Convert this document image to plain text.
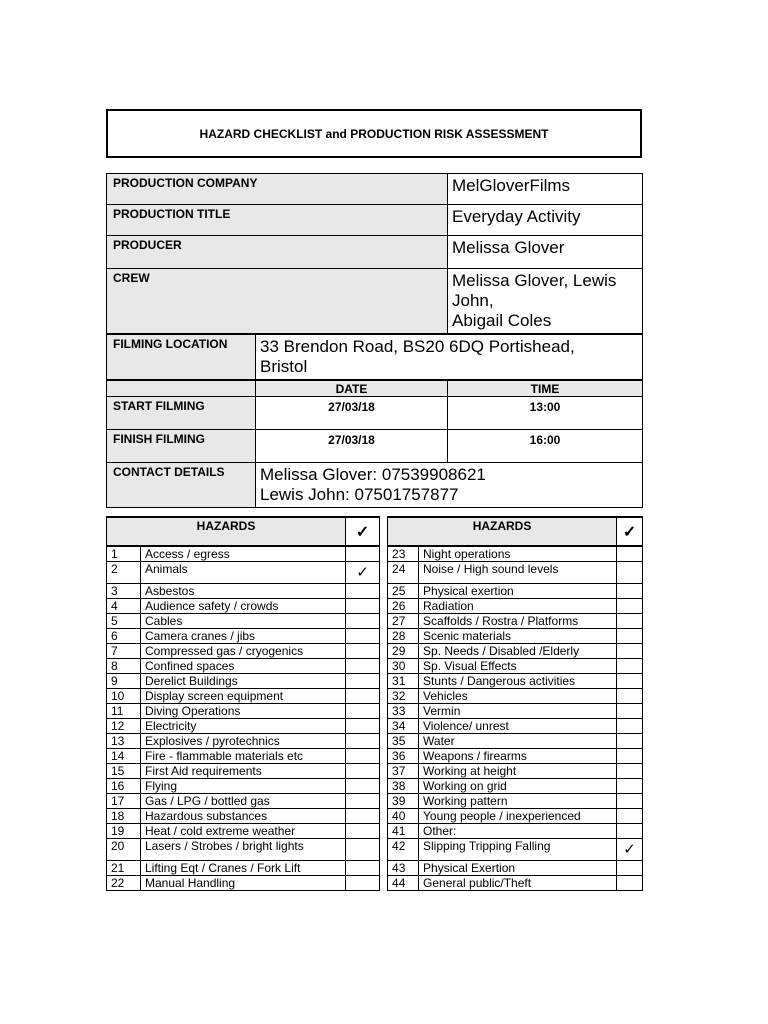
HAZARD CHECKLIST and PRODUCTION RISK ASSESSMENT
PRODUCTION COMPANY		MelGloverFilms
PRODUCTION TITLE		Everyday Activity
PRODUCER		Melissa Glover
CREW		Melissa Glover, Lewis John,
Abigail Coles

FILMING LOCATION	33 Brendon Road, BS20 6DQ Portishead,
Bristol	

	DATE	TIME
START FILMING	27/03/18	13:00
FINISH FILMING	27/03/18	16:00
CONTACT DETAILS	Melissa Glover: 07539908621
Lewis John: 07501757877	
HAZARDS		✓		HAZARDS		✓
1	Access / egress			23	Night operations	
2	Animals	✓		24	Noise / High sound levels	
3	Asbestos			25	Physical exertion	
4	Audience safety / crowds			26	Radiation	
5	Cables			27	Scaffolds / Rostra / Platforms	
6	Camera cranes / jibs			28	Scenic materials	
7	Compressed gas / cryogenics			29	Sp. Needs / Disabled /Elderly	
8	Confined spaces			30	Sp. Visual Effects	
9	Derelict Buildings			31	Stunts / Dangerous activities	
10	Display screen equipment			32	Vehicles	
11	Diving Operations			33	Vermin	
12	Electricity			34	Violence/ unrest	
13	Explosives / pyrotechnics			35	Water	
14	Fire - flammable materials etc			36	Weapons / firearms	
15	First Aid requirements			37	Working at height	
16	Flying			38	Working on grid	
17	Gas / LPG / bottled gas			39	Working pattern	
18	Hazardous substances			40	Young people / inexperienced	
19	Heat / cold extreme weather			41	Other:	
20	Lasers / Strobes / bright lights			42	Slipping Tripping Falling	✓
21	Lifting Eqt / Cranes / Fork Lift			43	Physical Exertion	
22	Manual Handling			44	General public/Theft	
